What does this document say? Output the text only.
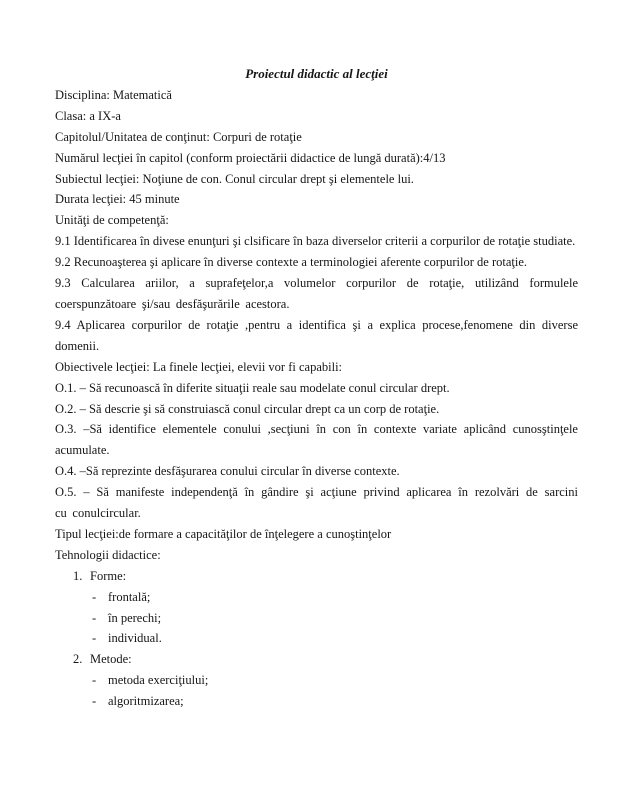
Proiectul didactic al lecţiei

Disciplina: Matematică

Clasa: a IX-a

Capitolul/Unitatea de conţinut: Corpuri de rotaţie

Numărul lecţiei în capitol (conform proiectării didactice de lungă durată):4/13

Subiectul lecţiei: Noţiune de con. Conul circular drept şi elementele lui.

Durata lecţiei: 45 minute

Unităţi de competenţă:

9.1 Identificarea în divese enunţuri şi clsificare în baza diverselor criterii a corpurilor de rotaţie studiate.

9.2 Recunoaşterea şi aplicare în diverse contexte a terminologiei aferente corpurilor de rotaţie.

9.3 Calcularea ariilor, a suprafeţelor,a volumelor corpurilor de rotaţie, utilizând formulele coerspunzătoare şi/sau desfăşurările acestora.

9.4 Aplicarea corpurilor de rotaţie ,pentru a identifica şi a explica procese,fenomene din diverse domenii.

Obiectivele lecţiei: La finele lecţiei, elevii vor fi capabili:

O.1. – Să recunoască în diferite situaţii reale sau modelate conul circular drept.

O.2. – Să descrie şi să construiască conul circular drept ca un corp de rotaţie.

O.3. –Să identifice elementele conului ,secţiuni în con în contexte variate aplicând cunosştinţele acumulate.

O.4. –Să reprezinte desfăşurarea conului circular în diverse contexte.

O.5. – Să manifeste independenţă în gândire şi acţiune privind aplicarea în rezolvări de sarcini cu conulcircular.

Tipul lecţiei:de formare a capacităţilor de înţelegere a cunoştinţelor

Tehnologii didactice:

1. Forme:
- frontală;
- în perechi;
- individual.
2. Metode:
- metoda exerciţiului;
- algoritmizarea;
